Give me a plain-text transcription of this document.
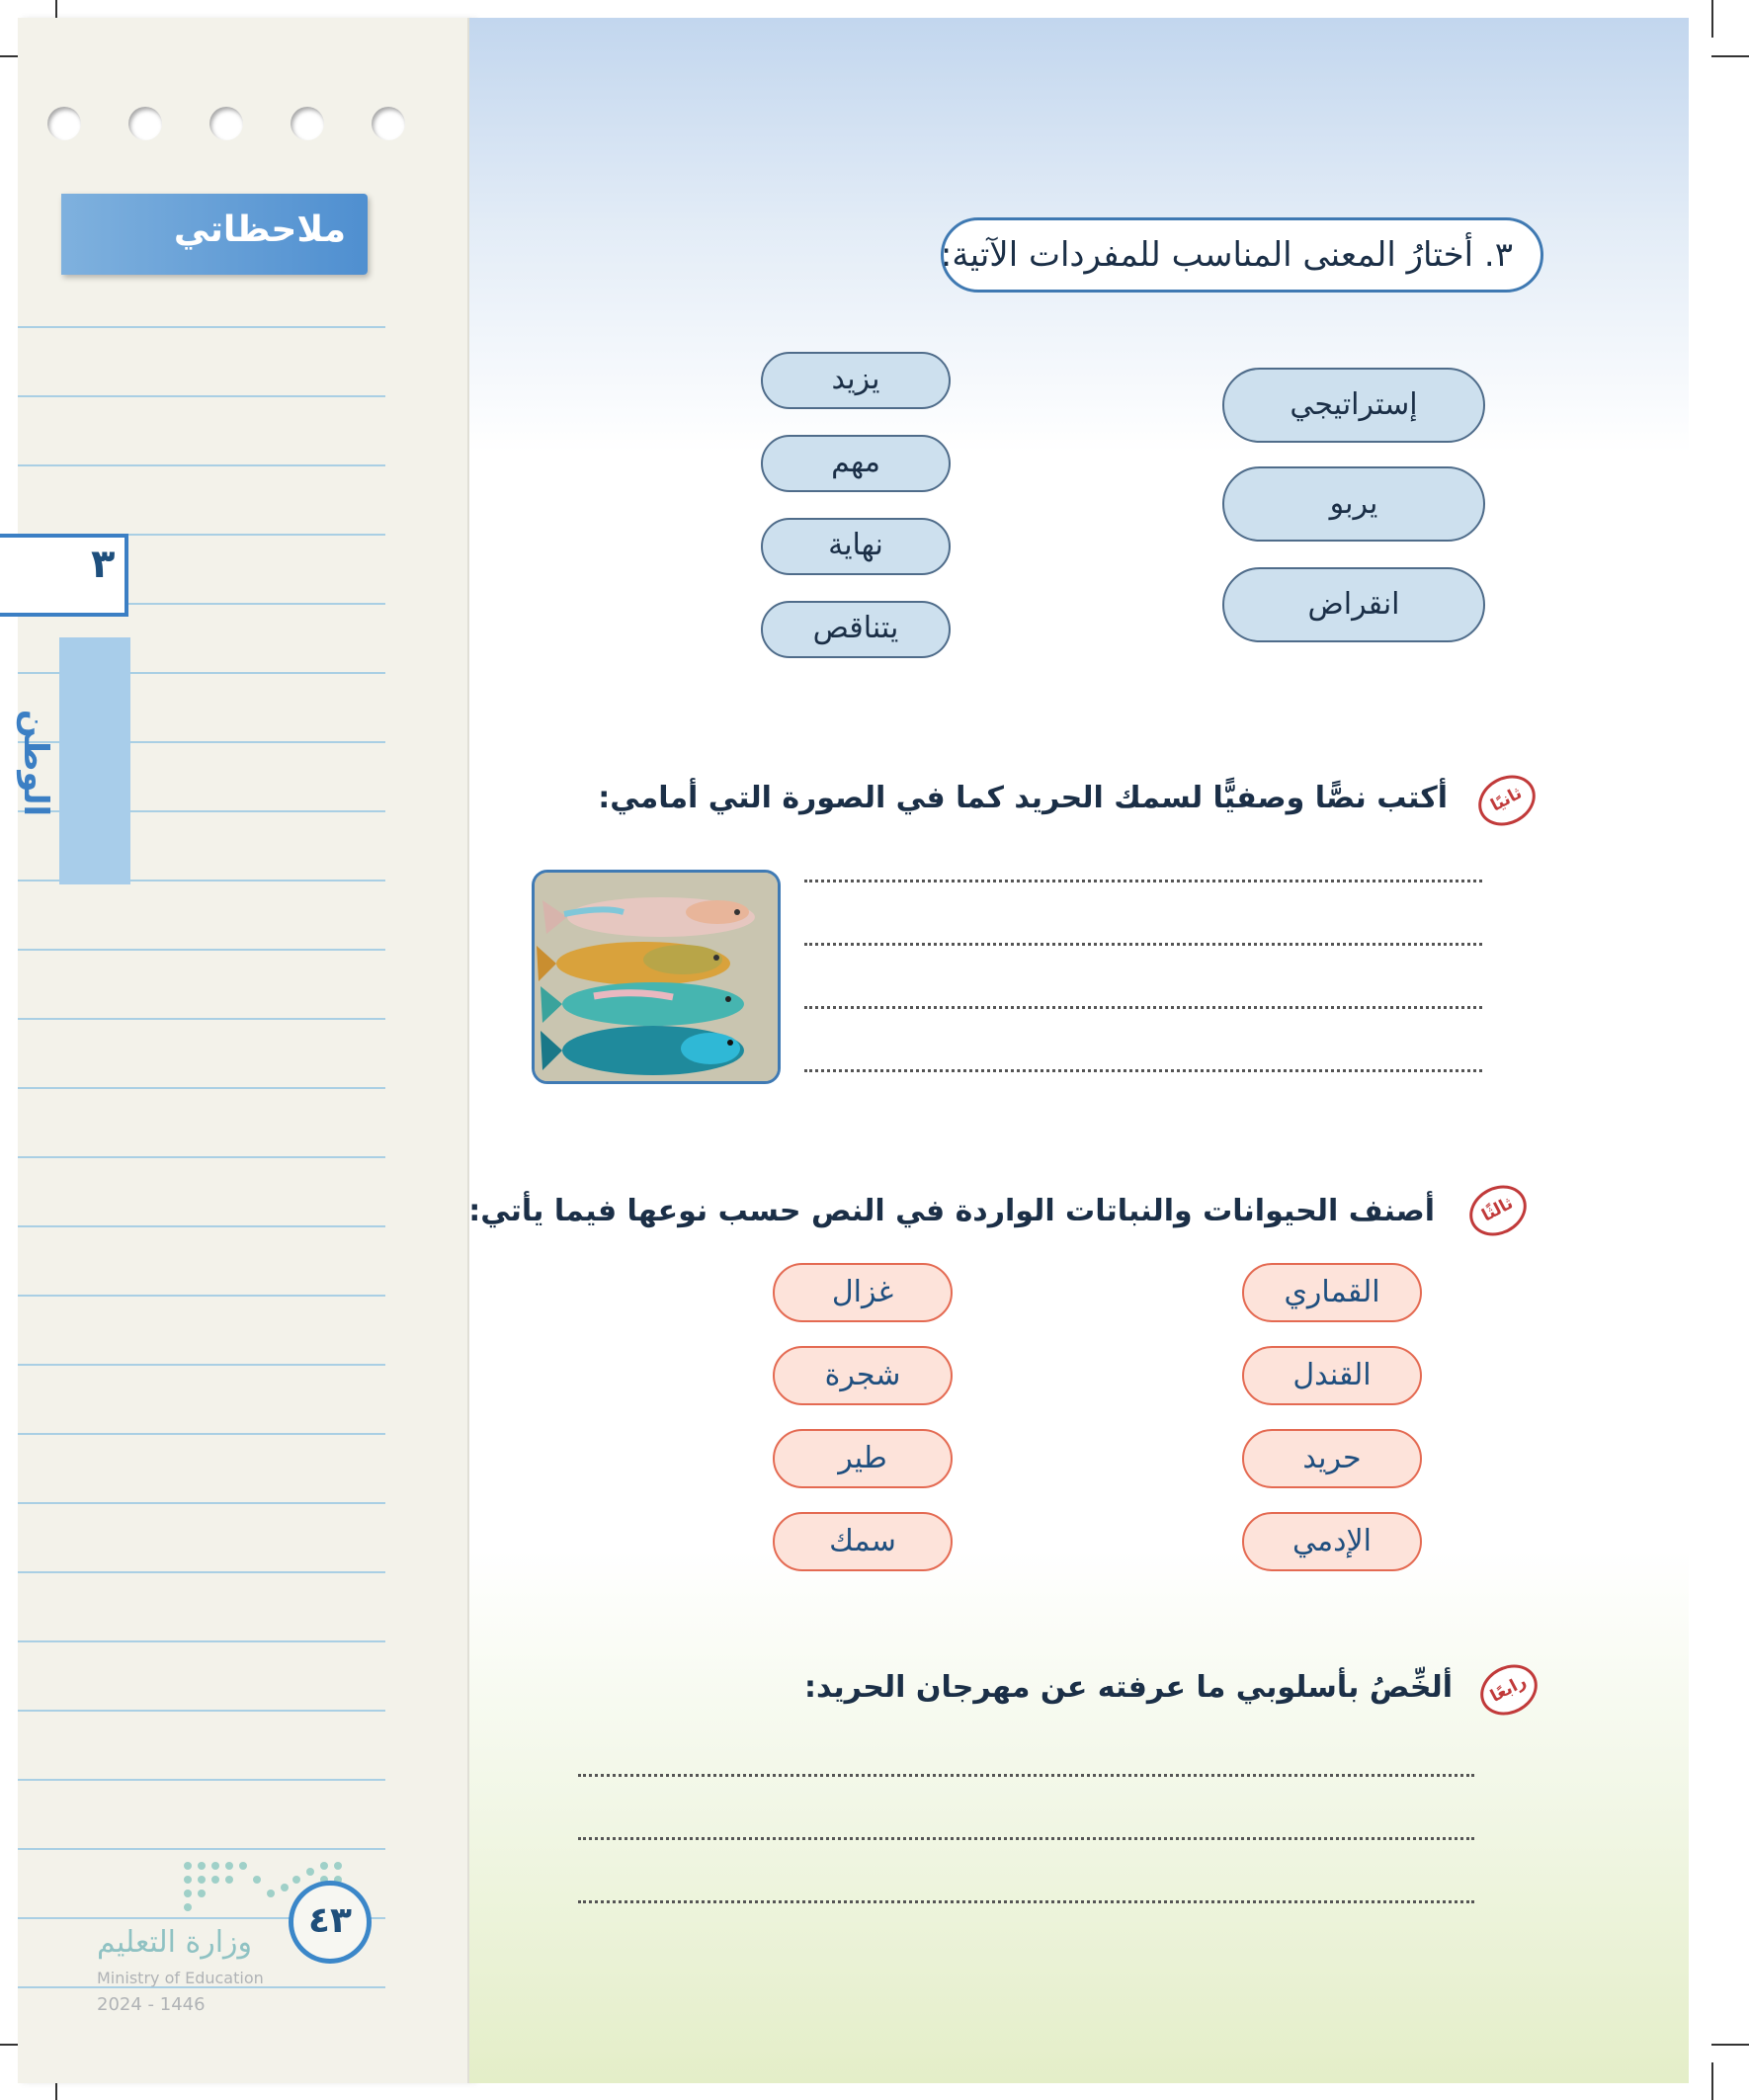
ملاحظاتي
٣
الوطن
وزارة التعليم
Ministry of Education
2024 - 1446
٤٣
٣. أختارُ المعنى المناسب للمفردات الآتية:
إستراتيجي
يربو
انقراض
يزيد
مهم
نهاية
يتناقص
ثانيًا
أكتب نصًّا وصفيًّا لسمك الحريد كما في الصورة التي أمامي:
ثالثًا
أصنف الحيوانات والنباتات الواردة في النص حسب نوعها فيما يأتي:
القماري
القندل
حريد
الإدمي
غزال
شجرة
طير
سمك
رابعًا
ألخِّصُ بأسلوبي ما عرفته عن مهرجان الحريد:
